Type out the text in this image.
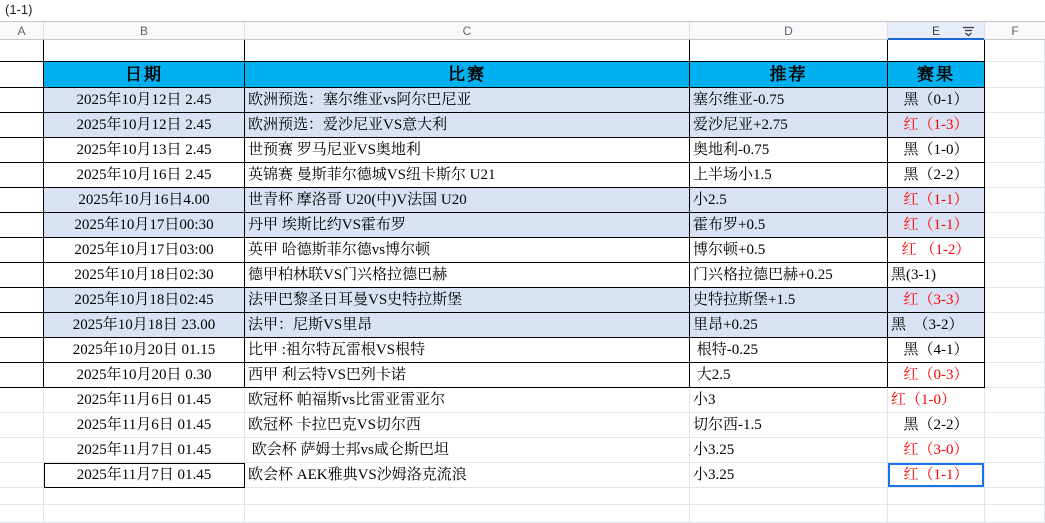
(1-1)
A	B	C	D	E	F
日期	比赛	推荐	赛果
2025年10月12日 2.45	欧洲预选：塞尔维亚vs阿尔巴尼亚	塞尔维亚-0.75	黑（0-1）
2025年10月12日 2.45	欧洲预选：爱沙尼亚VS意大利	爱沙尼亚+2.75	红（1-3）
2025年10月13日 2.45	世预赛 罗马尼亚VS奥地利	奥地利-0.75	黑（1-0）
2025年10月16日 2.45	英锦赛 曼斯菲尔德城VS纽卡斯尔 U21	上半场小1.5	黑（2-2）
2025年10月16日4.00	世青杯 摩洛哥 U20(中)V法国 U20	小2.5	红（1-1）
2025年10月17日00:30	丹甲 埃斯比约VS霍布罗	霍布罗+0.5	红（1-1）
2025年10月17日03:00	英甲 哈德斯菲尔德vs博尔顿	博尔顿+0.5	红 （1-2）
2025年10月18日02:30	德甲柏林联VS门兴格拉德巴赫	门兴格拉德巴赫+0.25	黑(3-1)
2025年10月18日02:45	法甲巴黎圣日耳曼VS史特拉斯堡	史特拉斯堡+1.5	红（3-3）
2025年10月18日 23.00	法甲：尼斯VS里昂	里昂+0.25	黑　（3-2）
2025年10月20日 01.15	比甲 :祖尔特瓦雷根VS根特	根特-0.25	黑（4-1）
2025年10月20日 0.30	西甲 利云特VS巴列卡诺	大2.5	红（0-3）
2025年11月6日 01.45	欧冠杯 帕福斯vs比雷亚雷亚尔	小3	红（1-0）
2025年11月6日 01.45	欧冠杯 卡拉巴克VS切尔西	切尔西-1.5	黑（2-2）
2025年11月7日 01.45	欧会杯 萨姆士邦vs咸仑斯巴坦	小3.25	红（3-0）
2025年11月7日 01.45	欧会杯 AEK雅典VS沙姆洛克流浪	小3.25	红（1-1）
